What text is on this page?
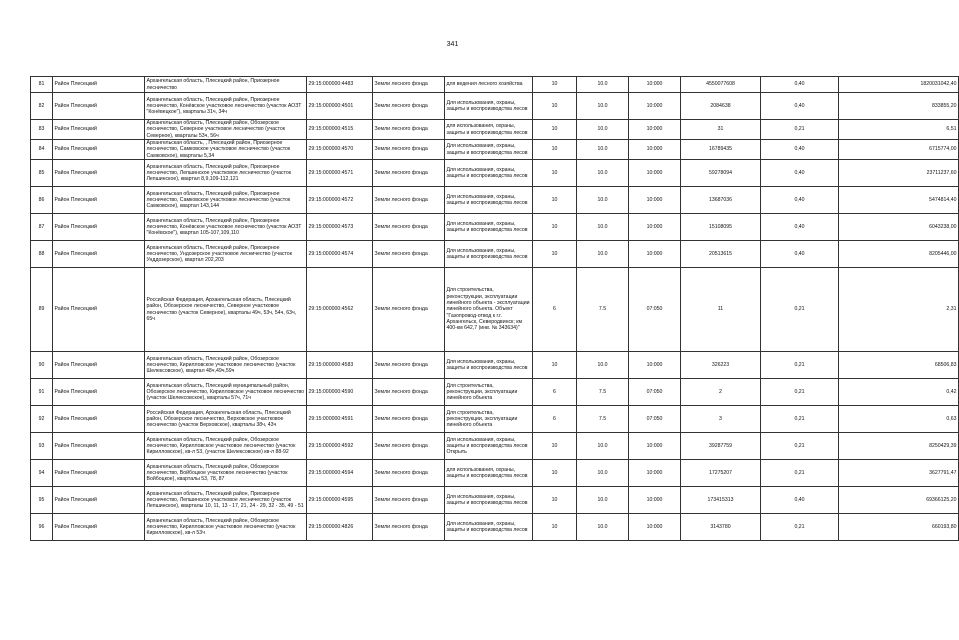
341
81	Район Плесецкий	Архангельская область, Плесецкий район, Приозерное лесничество	29:15:000000:4483	Земли лесного фонда	для ведения лесного хозяйства	10	10.0	10:000	4550077608	0,40	1820031042,40
82	Район Плесецкий	Архангельская область, Плесецкий район, Приозерное лесничество, Конёвское участковое лесничество (участок АОЗТ "Конёвецкое"), кварталы 31ч, 34ч	29:15:000000:4501	Земли лесного фонда	Для использования, охраны, защиты и воспроизводства лесов	10	10.0	10:000	2084638	0,40	833855,20
83	Район Плесецкий	Архангельская область, Плесецкий район, Обозерское лесничество, Северное участковое лесничество (участок Северное), кварталы 53ч, 56ч	29:15:000000:4515	Земли лесного фонда	для использования, охраны, защиты и воспроизводства лесов	10	10.0	10:000	31	0,21	6,51
84	Район Плесецкий	Архангельская область, , Плесецкий район, Приозерное лесничество, Самковское участковое лесничество (участок Самковское), кварталы 5,34	29:15:000000:4570	Земли лесного фонда	Для использования, охраны, защиты и воспроизводства лесов	10	10.0	10:000	16789435	0,40	6715774,00
85	Район Плесецкий	Архангельская область, Плесецкий район, Приозерное лесничество, Лепшинское участковое лесничество (участок Лепшинское), квартал 8,9,109-112,121	29:15:000000:4571	Земли лесного фонда	Для использования, охраны, защиты и воспроизводства лесов	10	10.0	10:000	59278094	0,40	23711237,60
86	Район Плесецкий	Архангельская область, Плесецкий район, Приозерное лесничество, Самковское участковое лесничество (участок Самковское), квартал 143,144	29:15:000000:4572	Земли лесного фонда	Для использования, охраны, защиты и воспроизводства лесов	10	10.0	10:000	13687036	0,40	5474814,40
87	Район Плесецкий	Архангельская область, Плесецкий район, Приозерное лесничество, Конёвское участковое лесничество (участок АОЗТ "Конёвское"), квартал 105-107,109,110	29:15:000000:4573	Земли лесного фонда	Для использования, охраны, защиты и воспроизводства лесов	10	10.0	10:000	15108095	0,40	6043238,00
88	Район Плесецкий	Архангельская область, Плесецкий район, Приозерное лесничество, Ундозерское участковое лесничество (участок Унддозерское), квартал 202,203	29:15:000000:4574	Земли лесного фонда	Для использования, охраны, защиты и воспроизводства лесов	10	10.0	10:000	20513615	0,40	8205446,00
89	Район Плесецкий	Российская Федерация, Архангельская область, Плесецкий район, Обозерское лесничество, Северное участковое лесничество (участок Северное), кварталы 49ч, 53ч, 54ч, 63ч, 65ч	29:15:000000:4562	Земли лесного фонда	Для строительства, реконструкции, эксплуатации линейного объекта - эксплуатации линейного объекта. Объект "Газопровод-отвод к г.г. Архангельск, Северодвинск; км 400-км 642,7 (инв. № 343634)"	6	7.5	07:050	11	0,21	2,31
90	Район Плесецкий	Архангельская область, Плесецкий район, Обозерское лесничество, Кирилловское участковое лесничество (участок Шелексовское), квартал 48ч,49ч,59ч	29:15:000000:4583	Земли лесного фонда	Для использования, охраны, защиты и воспроизводства лесов	10	10.0	10:000	326223	0,21	68506,83
91	Район Плесецкий	Архангельская область, Плесецкий муниципальный район, Обозерское лесничество, Кирилловское участковое лесничество (участок Шелексовское), кварталы 57ч, 71ч	29:15:000000:4590	Земли лесного фонда	Для строительства, реконструкции, эксплуатации линейного объекта	6	7.5	07:050	2	0,21	0,42
92	Район Плесецкий	Российская Федерация, Архангельская область, Плесецкий район, Обозерское лесничество, Верховское участковое лесничество (участок Верховское), кварталы 38ч, 43ч	29:15:000000:4591	Земли лесного фонда	Для строительства, реконструкции, эксплуатации линейного объекта	6	7.5	07:050	3	0,21	0,63
93	Район Плесецкий	Архангельская область, Плесецкий район, Обозерское лесничество, Кирилловское участковое лесничество (участок Кирилловское), кв-л 53, (участок Шелексовское) кв-л 88-92	29:15:000000:4592	Земли лесного фонда	Для использования, охраны, защиты и воспроизводства лесов Открыть	10	10.0	10:000	39287759	0,21	8250429,39
94	Район Плесецкий	Архангельская область, Плесецкий район, Обозерское лесничество, Войбоцкое участковое лесничество (участок Войбоцкое), кварталы 53, 78, 87	29:15:000000:4594	Земли лесного фонда	для использования, охраны, защиты и воспроизводства лесов	10	10.0	10:000	17275207	0,21	3627791,47
95	Район Плесецкий	Архангельская область, Плесецкий район, Приозерное лесничество, Лепшинское участковое лесничество (участок Лепшинское), кварталы 10, 11, 13 - 17, 21, 24 - 29, 32 - 35, 49 - 51	29:15:000000:4595	Земли лесного фонда	Для использования, охраны, защиты и воспроизводства лесов	10	10.0	10:000	173415313	0,40	69366125,20
96	Район Плесецкий	Архангельская область, Плесецкий район, Обозерское лесничество, Кирилловское участковое лесничество (участок Кирилловское), кв-л 53ч	29:15:000000:4826	Земли лесного фонда	Для использования, охраны, защиты и воспроизводства лесов	10	10.0	10:000	3143780	0,21	660193,80
